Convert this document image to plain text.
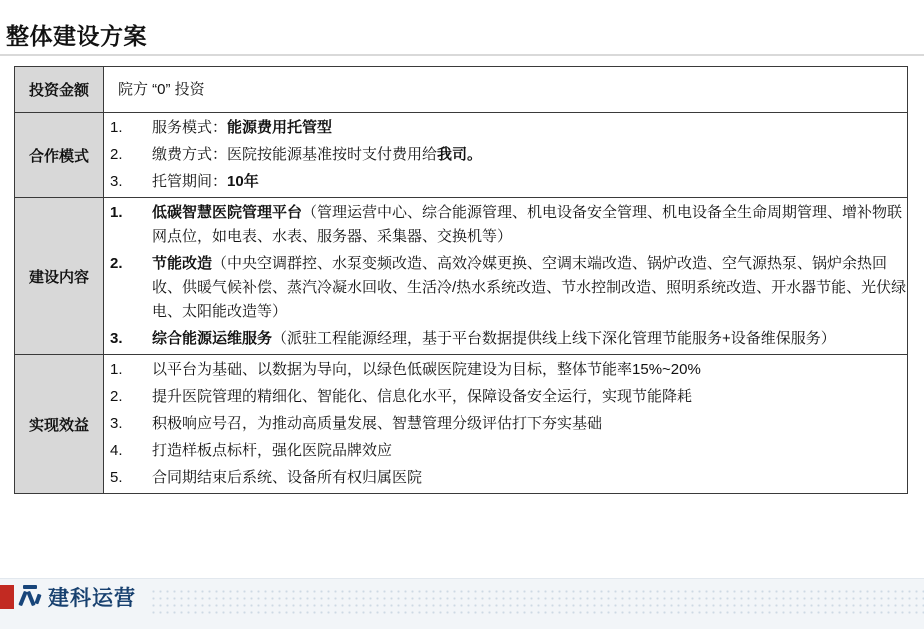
整体建设方案
投资金额	院方 “0” 投资

合作模式	
1.	服务模式：能源费用托管型
2.	缴费方式：医院按能源基准按时支付费用给我司。
3.	托管期间：10年

建设内容	
1.	低碳智慧医院管理平台（管理运营中心、综合能源管理、机电设备安全管理、机电设备全生命周期管理、增补物联网点位，如电表、水表、服务器、采集器、交换机等）
2.	节能改造（中央空调群控、水泵变频改造、高效冷媒更换、空调末端改造、锅炉改造、空气源热泵、锅炉余热回收、供暖气候补偿、蒸汽冷凝水回收、生活冷/热水系统改造、节水控制改造、照明系统改造、开水器节能、光伏绿电、太阳能改造等）
3.	综合能源运维服务（派驻工程能源经理，基于平台数据提供线上线下深化管理节能服务+设备维保服务）

实现效益	
1.	以平台为基础、以数据为导向，以绿色低碳医院建设为目标，整体节能率15%~20%
2.	提升医院管理的精细化、智能化、信息化水平，保障设备安全运行，实现节能降耗
3.	积极响应号召，为推动高质量发展、智慧管理分级评估打下夯实基础
4.	打造样板点标杆，强化医院品牌效应
5.	合同期结束后系统、设备所有权归属医院
建科运营
